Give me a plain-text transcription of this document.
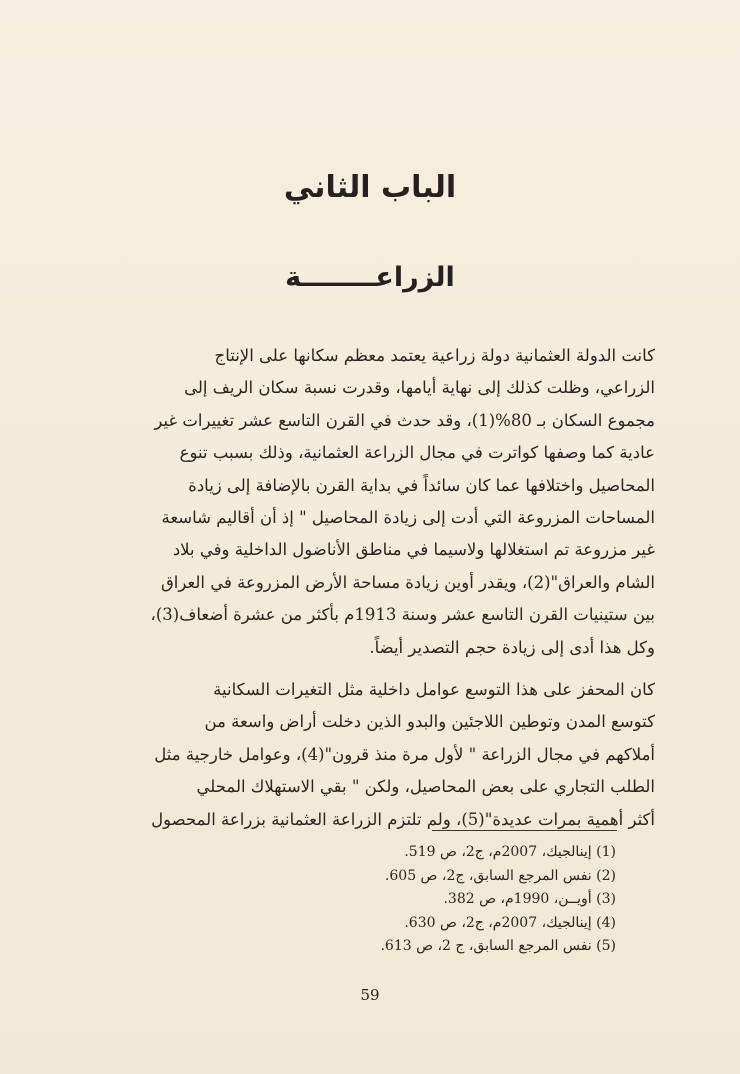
الباب الثاني
الزراعــــــــة
كانت الدولة العثمانية دولة زراعية يعتمد معظم سكانها على الإنتاج
الزراعي، وظلت كذلك إلى نهاية أيامها، وقدرت نسبة سكان الريف إلى
مجموع السكان بـ 80%(1)، وقد حدث في القرن التاسع عشر تغييرات غير
عادية كما وصفها كواترت في مجال الزراعة العثمانية، وذلك بسبب تنوع
المحاصيل واختلافها عما كان سائداً في بداية القرن بالإضافة إلى زيادة
المساحات المزروعة التي أدت إلى زيادة المحاصيل " إذ أن أقاليم شاسعة
غير مزروعة تم استغلالها ولاسيما في مناطق الأناضول الداخلية وفي بلاد
الشام والعراق"(2)، ويقدر أوين زيادة مساحة الأرض المزروعة في العراق
بين ستينيات القرن التاسع عشر وسنة 1913م بأكثر من عشرة أضعاف(3)،
وكل هذا أدى إلى زيادة حجم التصدير أيضاً.
كان المحفز على هذا التوسع عوامل داخلية مثل التغيرات السكانية
كتوسع المدن وتوطين اللاجئين والبدو الذين دخلت أراض واسعة من
أملاكهم في مجال الزراعة " لأول مرة منذ قرون"(4)، وعوامل خارجية مثل
الطلب التجاري على بعض المحاصيل، ولكن " بقي الاستهلاك المحلي
أكثر أهمية بمرات عديدة"(5)، ولم تلتزم الزراعة العثمانية بزراعة المحصول
(1) إينالجيك، 2007م، ج2، ص 519.
(2) نفس المرجع السابق، ج2، ص 605.
(3) أويــن، 1990م، ص 382.
(4) إينالجيك، 2007م، ج2، ص 630.
(5) نفس المرجع السابق، ج 2، ص 613.
59
